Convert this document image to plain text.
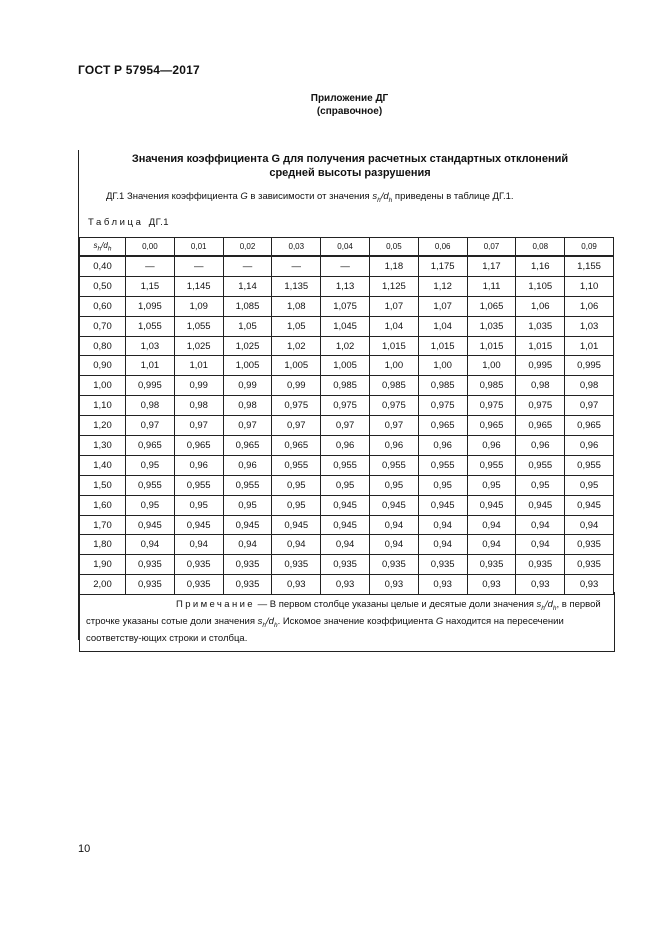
ГОСТ Р 57954—2017
Приложение ДГ
(справочное)
Значения коэффициента G для получения расчетных стандартных отклонений
средней высоты разрушения
ДГ.1 Значения коэффициента G в зависимости от значения $s_h/d_h$ приведены в таблице ДГ.1.
Таблица ДГ.1
$s_h/d_h$	0,00	0,01	0,02	0,03	0,04	0,05	0,06	0,07	0,08	0,09
0,40	—	—	—	—	—	1,18	1,175	1,17	1,16	1,155
0,50	1,15	1,145	1,14	1,135	1,13	1,125	1,12	1,11	1,105	1,10
0,60	1,095	1,09	1,085	1,08	1,075	1,07	1,07	1,065	1,06	1,06
0,70	1,055	1,055	1,05	1,05	1,045	1,04	1,04	1,035	1,035	1,03
0,80	1,03	1,025	1,025	1,02	1,02	1,015	1,015	1,015	1,015	1,01
0,90	1,01	1,01	1,005	1,005	1,005	1,00	1,00	1,00	0,995	0,995
1,00	0,995	0,99	0,99	0,99	0,985	0,985	0,985	0,985	0,98	0,98
1,10	0,98	0,98	0,98	0,975	0,975	0,975	0,975	0,975	0,975	0,97
1,20	0,97	0,97	0,97	0,97	0,97	0,97	0,965	0,965	0,965	0,965
1,30	0,965	0,965	0,965	0,965	0,96	0,96	0,96	0,96	0,96	0,96
1,40	0,95	0,96	0,96	0,955	0,955	0,955	0,955	0,955	0,955	0,955
1,50	0,955	0,955	0,955	0,95	0,95	0,95	0,95	0,95	0,95	0,95
1,60	0,95	0,95	0,95	0,95	0,945	0,945	0,945	0,945	0,945	0,945
1,70	0,945	0,945	0,945	0,945	0,945	0,94	0,94	0,94	0,94	0,94
1,80	0,94	0,94	0,94	0,94	0,94	0,94	0,94	0,94	0,94	0,935
1,90	0,935	0,935	0,935	0,935	0,935	0,935	0,935	0,935	0,935	0,935
2,00	0,935	0,935	0,935	0,93	0,93	0,93	0,93	0,93	0,93	0,93
Примечание — В первом столбце указаны целые и десятые доли значения $s_h/d_h$, в первой строчке указаны сотые доли значения $s_h/d_h$. Искомое значение коэффициента G находится на пересечении соответству-ющих строки и столбца.
10
